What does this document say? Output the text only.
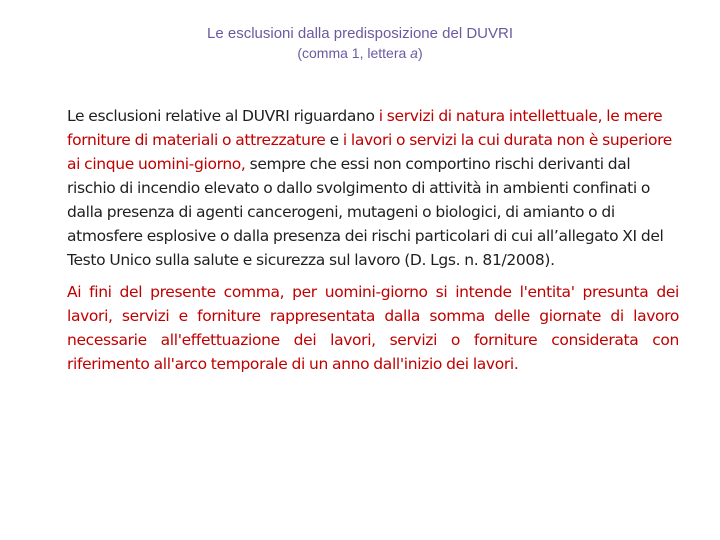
Le esclusioni dalla predisposizione del DUVRI
(comma 1, lettera a)

Le esclusioni relative al DUVRI riguardano i servizi di natura intellettuale, le mere forniture di materiali o attrezzature e i lavori o servizi la cui durata non è superiore ai cinque uomini-giorno, sempre che essi non comportino rischi derivanti dal rischio di incendio elevato o dallo svolgimento di attività in ambienti confinati o dalla presenza di agenti cancerogeni, mutageni o biologici, di amianto o di atmosfere esplosive o dalla presenza dei rischi particolari di cui all’allegato XI del Testo Unico sulla salute e sicurezza sul lavoro (D. Lgs. n. 81/2008).

Ai fini del presente comma, per uomini-giorno si intende l'entita' presunta dei lavori, servizi e forniture rappresentata dalla somma delle giornate di lavoro necessarie all'effettuazione dei lavori, servizi o forniture considerata con riferimento all'arco temporale di un anno dall'inizio dei lavori.
